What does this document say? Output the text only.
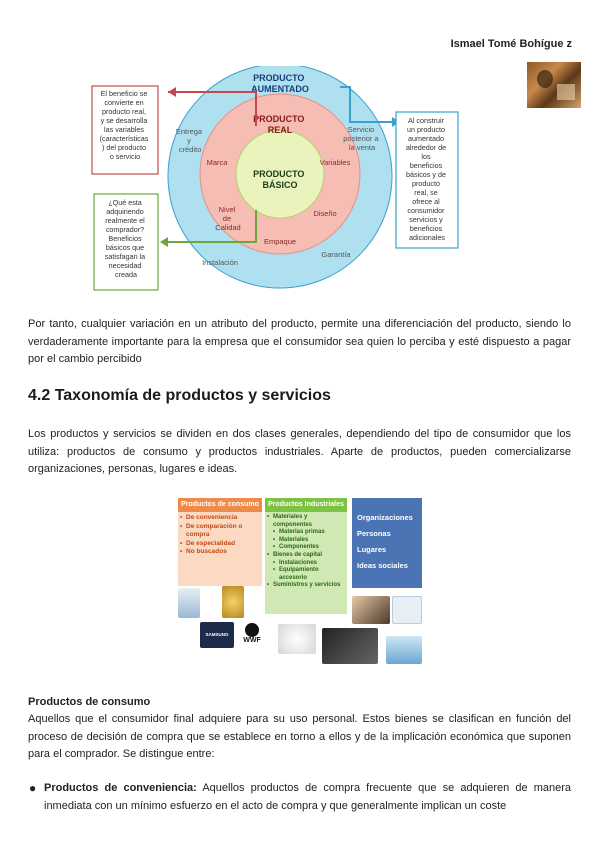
Ismael Tomé Bohígue z
PRODUCTO AUMENTADO
PRODUCTO REAL
PRODUCTO BÁSICO
Entrega y crédito
Servicio posterior a la venta
Instalación
Garantía
Marca	Variables
Nivel de Calidad
Diseño
Empaque
El beneficio se convierte en producto real, y se desarrolla las variables (características ) del producto o servicio
¿Qué esta adquiriendo realmente el comprador? Beneficios básicos que satisfagan la necesidad creada
Al construir un producto aumentado alrededor de los beneficios básicos y de producto real, se ofrece al consumidor servicios y beneficios adicionales
Por tanto, cualquier variación en un atributo del producto, permite una diferenciación del producto, siendo lo verdaderamente importante para la empresa que el consumidor sea quien lo perciba y esté dispuesto a pagar por el cambio percibido
4.2 Taxonomía de productos y servicios
Los productos y servicios se dividen en dos clases generales, dependiendo del tipo de consumidor que los utiliza: productos de consumo y productos industriales. Aparte de productos, pueden comercializarse organizaciones, personas, lugares e ideas.
Productos de consumo
• De conveniencia
• De comparación o compra
• De especialidad
• No buscados
Productos Industriales
• Materiales y componentes
• Materias primas
• Materiales
• Componentes
• Bienes de capital
• Instalaciones
• Equipamiento accesorio
• Suministros y servicios
Organizaciones
Personas
Lugares
Ideas sociales
SAMSUNG
WWF
Productos de consumo
Aquellos que el consumidor final adquiere para su uso personal. Estos bienes se clasifican en función del proceso de decisión de compra que se establece en torno a ellos y de la implicación económica que suponen para el comprador. Se distingue entre:
● Productos de conveniencia: Aquellos productos de compra frecuente que se adquieren de manera inmediata con un mínimo esfuerzo en el acto de compra y que generalmente implican un coste
